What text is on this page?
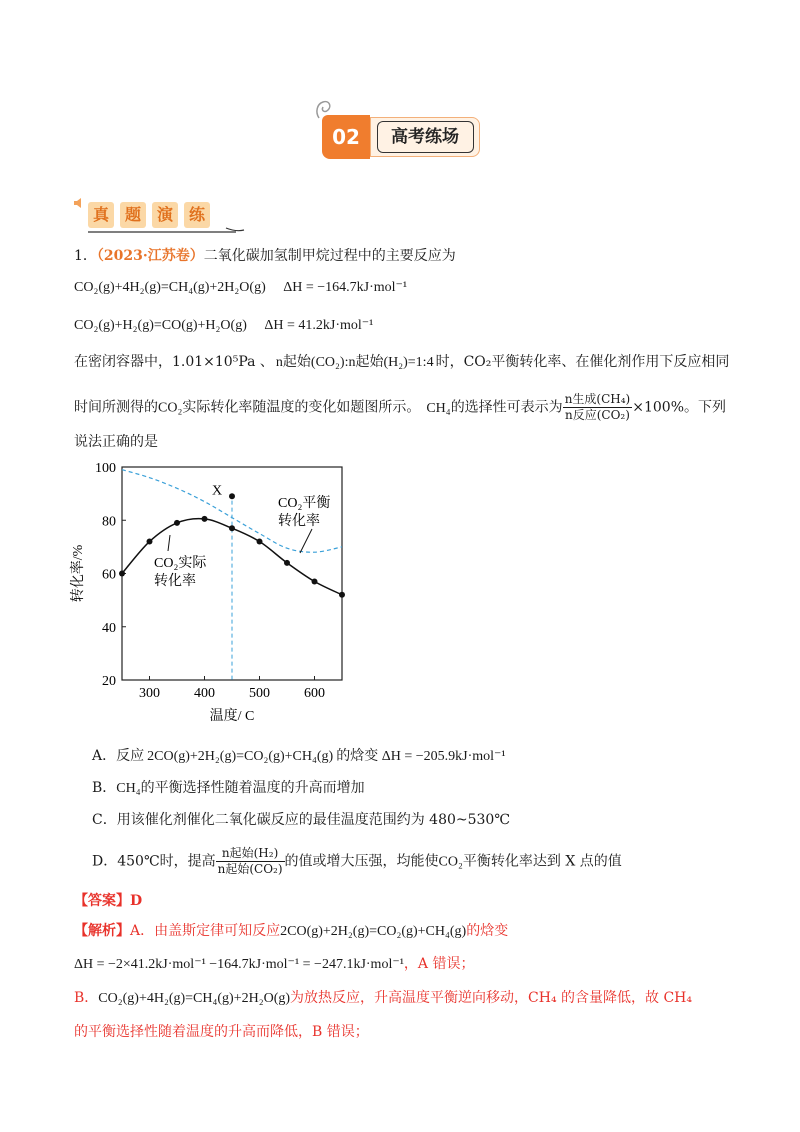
02	高考练场
真 题 演 练
1．（2023·江苏卷）二氧化碳加氢制甲烷过程中的主要反应为
CO₂(g)+4H₂(g)=CH₄(g)+2H₂O(g) ΔH = −164.7kJ·mol⁻¹
CO₂(g)+H₂(g)=CO(g)+H₂O(g) ΔH = 41.2kJ·mol⁻¹
在密闭容器中，1.01×10⁵Pa 、 n起始(CO₂):n起始(H₂)=1:4 时，CO₂平衡转化率、在催化剂作用下反应相同
时间所测得的CO₂实际转化率随温度的变化如题图所示。 CH₄的选择性可表示为 $\frac{\text{n生成(CH₄)}}{\text{n反应(CO₂)}} \times 100\%$。下列
说法正确的是
20
40
60
80
100
300 400 500 600
温度/ C
转化率/%
X
CO₂平衡
转化率
CO₂实际
转化率
A．反应 2CO(g)+2H₂(g)=CO₂(g)+CH₄(g) 的焓变 ΔH = −205.9kJ·mol⁻¹
B．CH₄的平衡选择性随着温度的升高而增加
C．用该催化剂催化二氧化碳反应的最佳温度范围约为 480~530℃
D．450℃时，提高 $\frac{\text{n起始(H₂)}}{\text{n起始(CO₂)}}$ 的值或增大压强，均能使CO₂平衡转化率达到 X 点的值
【答案】D
【解析】A．由盖斯定律可知反应2CO(g)+2H₂(g)=CO₂(g)+CH₄(g)的焓变
ΔH = −2×41.2kJ·mol⁻¹ −164.7kJ·mol⁻¹ = −247.1kJ·mol⁻¹，A 错误；
B．CO₂(g)+4H₂(g)=CH₄(g)+2H₂O(g)为放热反应，升高温度平衡逆向移动，CH₄ 的含量降低，故 CH₄
的平衡选择性随着温度的升高而降低，B 错误；
